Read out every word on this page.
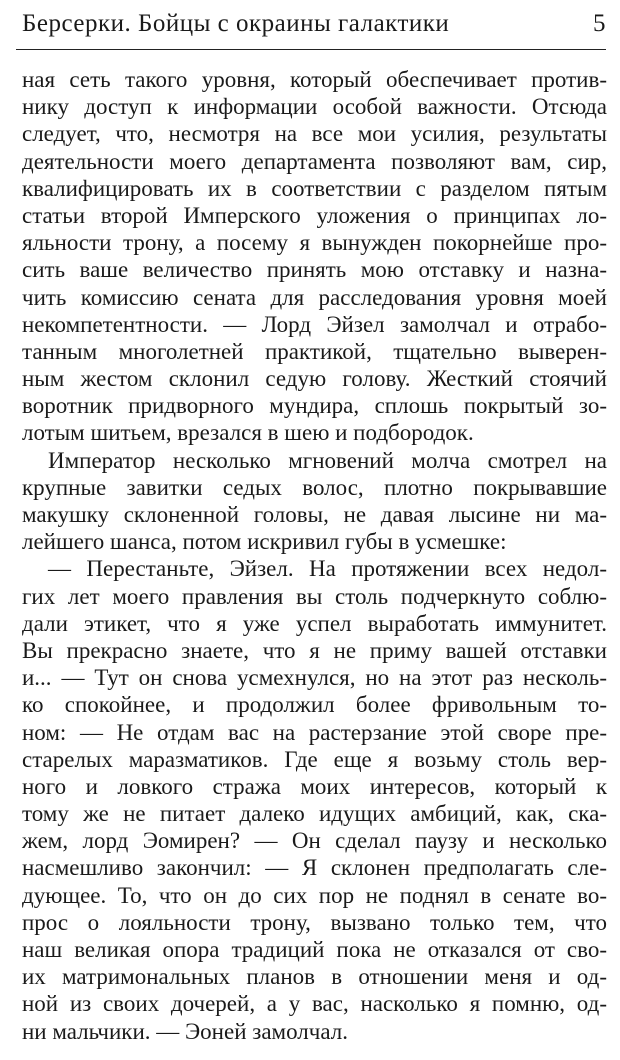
Берсерки. Бойцы с окраины галактики	5

ная сеть такого уровня, который обеспечивает против-
нику доступ к информации особой важности. Отсюда
следует, что, несмотря на все мои усилия, результаты
деятельности моего департамента позволяют вам, сир,
квалифицировать их в соответствии с разделом пятым
статьи второй Имперского уложения о принципах ло-
яльности трону, а посему я вынужден покорнейше про-
сить ваше величество принять мою отставку и назна-
чить комиссию сената для расследования уровня моей
некомпетентности. — Лорд Эйзел замолчал и отрабо-
танным многолетней практикой, тщательно выверен-
ным жестом склонил седую голову. Жесткий стоячий
воротник придворного мундира, сплошь покрытый зо-
лотым шитьем, врезался в шею и подбородок.

Император несколько мгновений молча смотрел на
крупные завитки седых волос, плотно покрывавшие
макушку склоненной головы, не давая лысине ни ма-
лейшего шанса, потом искривил губы в усмешке:

— Перестаньте, Эйзел. На протяжении всех недол-
гих лет моего правления вы столь подчеркнуто соблю-
дали этикет, что я уже успел выработать иммунитет.
Вы прекрасно знаете, что я не приму вашей отставки
и... — Тут он снова усмехнулся, но на этот раз несколь-
ко спокойнее, и продолжил более фривольным то-
ном: — Не отдам вас на растерзание этой своре пре-
старелых маразматиков. Где еще я возьму столь вер-
ного и ловкого стража моих интересов, который к
тому же не питает далеко идущих амбиций, как, ска-
жем, лорд Эомирен? — Он сделал паузу и несколько
насмешливо закончил: — Я склонен предполагать сле-
дующее. То, что он до сих пор не поднял в сенате во-
прос о лояльности трону, вызвано только тем, что
наш великая опора традиций пока не отказался от сво-
их матримональных планов в отношении меня и од-
ной из своих дочерей, а у вас, насколько я помню, од-
ни мальчики. — Эоней замолчал.
